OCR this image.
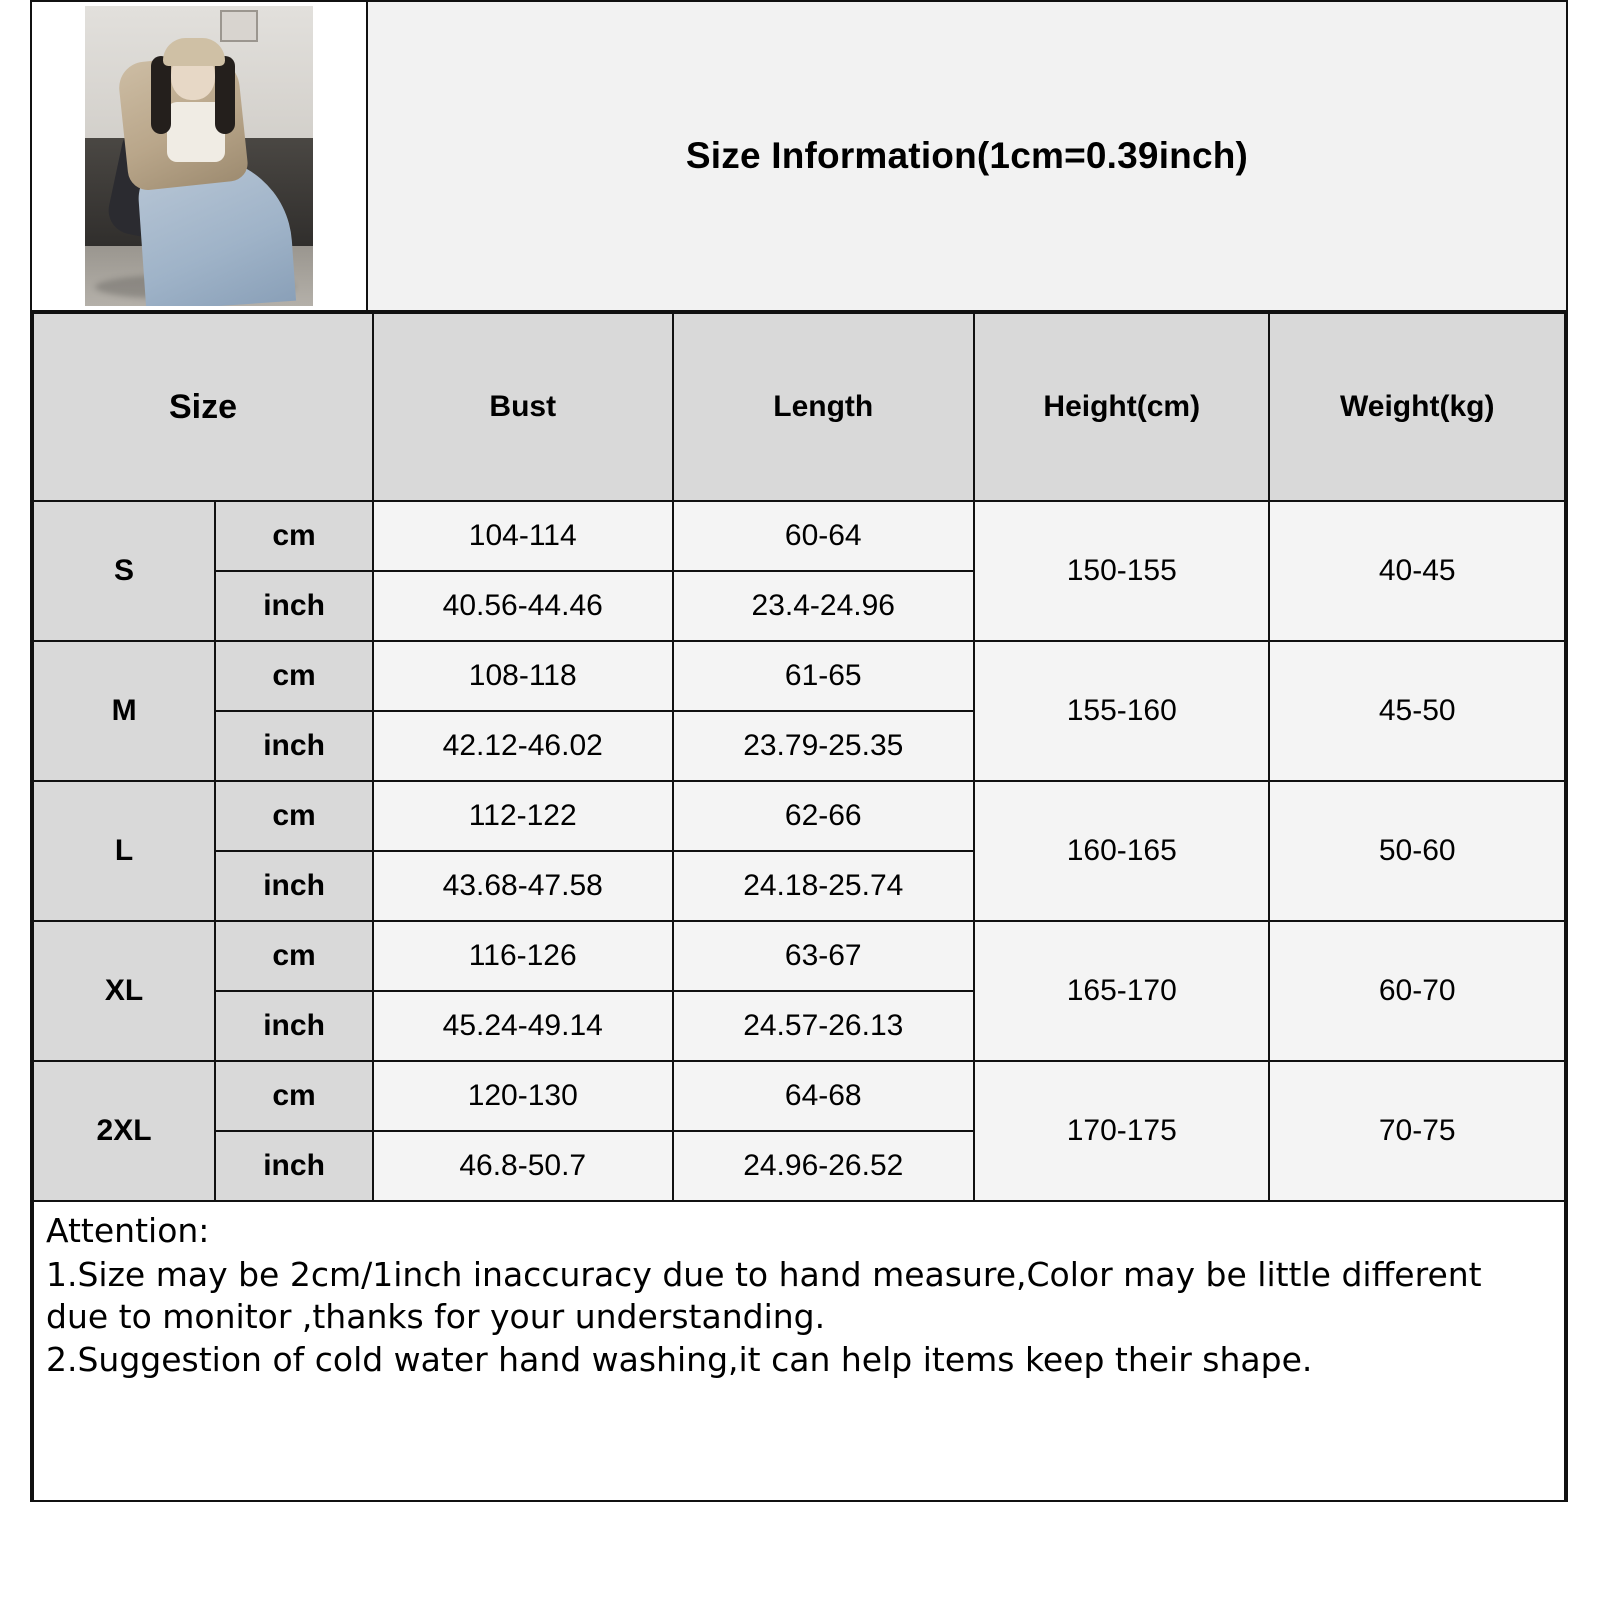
Size Information(1cm=0.39inch)
Size		Bust	Length	Height(cm)	Weight(kg)
S	cm	104-114	60-64	150-155	40-45
	inch	40.56-44.46	23.4-24.96		
M	cm	108-118	61-65	155-160	45-50
	inch	42.12-46.02	23.79-25.35		
L	cm	112-122	62-66	160-165	50-60
	inch	43.68-47.58	24.18-25.74		
XL	cm	116-126	63-67	165-170	60-70
	inch	45.24-49.14	24.57-26.13		
2XL	cm	120-130	64-68	170-175	70-75
	inch	46.8-50.7	24.96-26.52		

Attention:

1.Size may be 2cm/1inch inaccuracy due to hand measure,Color may be little different due to monitor ,thanks for your understanding.

2.Suggestion of cold water hand washing,it can help items keep their shape.
